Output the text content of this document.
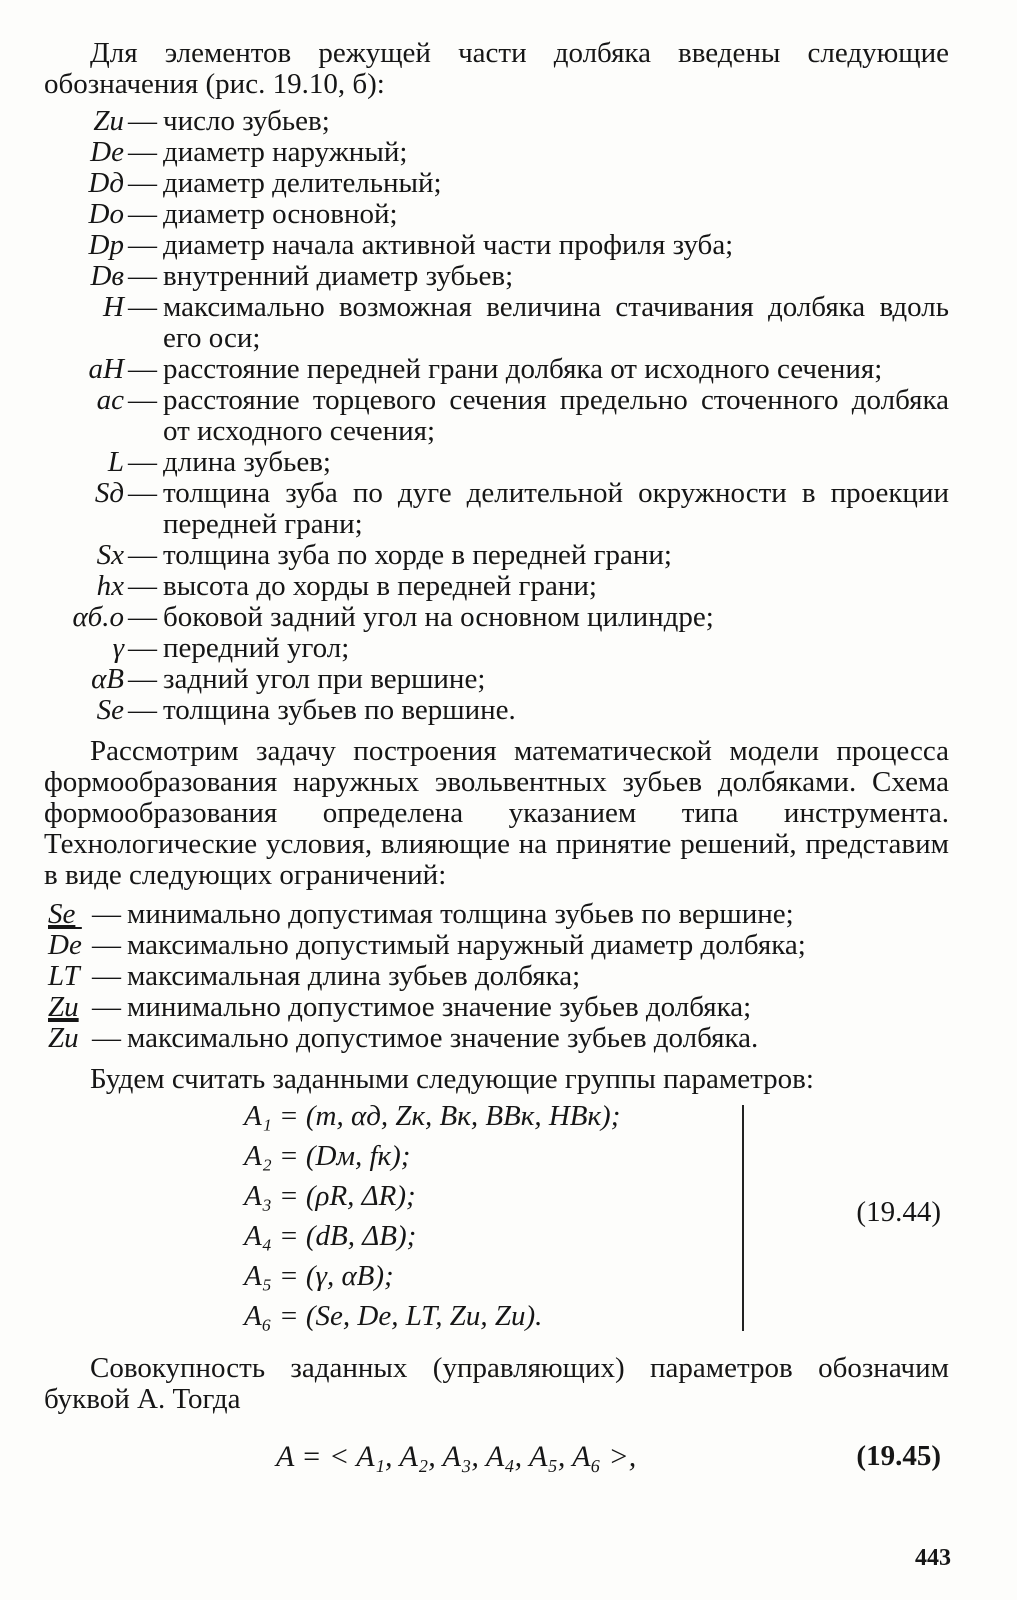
Для элементов режущей части долбяка введены следующие обозначения (рис. 19.10, б):

Zи — число зубьев;
De — диаметр наружный;
Dд — диаметр делительный;
Do — диаметр основной;
Dр — диаметр начала активной части профиля зуба;
Dв — внутренний диаметр зубьев;
H — максимально возможная величина стачивания долбяка вдоль его оси;
aH — расстояние передней грани долбяка от исходного сечения;
ac — расстояние торцевого сечения предельно сточенного долбяка от исходного сечения;
L — длина зубьев;
Sд — толщина зуба по дуге делительной окружности в проекции передней грани;
Sx — толщина зуба по хорде в передней грани;
hx — высота до хорды в передней грани;
αб.о — боковой задний угол на основном цилиндре;
γ — передний угол;
αB — задний угол при вершине;
Se — толщина зубьев по вершине.

Рассмотрим задачу построения математической модели процесса формообразования наружных эвольвентных зубьев долбяками. Схема формообразования определена указанием типа инструмента. Технологические условия, влияющие на принятие решений, представим в виде следующих ограничений:

Se — минимально допустимая толщина зубьев по вершине;
$\overline{De}$ — максимально допустимый наружный диаметр долбяка;
LT — максимальная длина зубьев долбяка;
Zи — минимально допустимое значение зубьев долбяка;
Zи — максимально допустимое значение зубьев долбяка.

Будем считать заданными следующие группы параметров:

A₁ = (m, αд, Zк, Bк, BBк, HBк);
A₂ = (Dм, fк);
A₃ = (ρR, ΔR);
A₄ = (dB, ΔB);
A₅ = (γ, αB);
A₆ = (Se, De, LT, Zи, Zи).
(19.44)

Совокупность заданных (управляющих) параметров обозначим буквой A. Тогда

A = < A₁, A₂, A₃, A₄, A₅, A₆ >,	(19.45)
443
